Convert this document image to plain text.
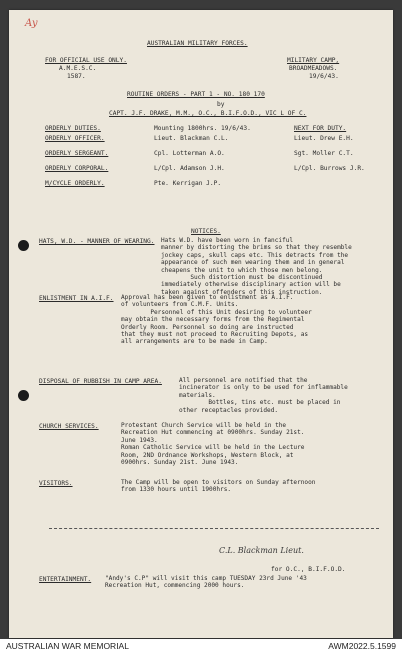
Ay
AUSTRALIAN MILITARY FORCES.
FOR OFFICIAL USE ONLY.
A.M.E.S.C.
1587.
MILITARY CAMP,
BROADMEADOWS.
19/6/43.
ROUTINE ORDERS - PART 1 - NO. 180 170
by
CAPT. J.F. DRAKE, M.M., O.C., B.I.F.O.D., VIC L OF C.
ORDERLY DUTIES.	Mounting 1800hrs. 19/6/43.	NEXT FOR DUTY.
ORDERLY OFFICER.	Lieut. Blackman C.L.	Lieut. Drew E.H.
ORDERLY SERGEANT.	Cpl. Lotterman A.O.	Sgt. Moller C.T.
ORDERLY CORPORAL.	L/Cpl. Adamson J.H.	L/Cpl. Burrows J.R.
M/CYCLE ORDERLY.	Pte. Kerrigan J.P.
NOTICES.
HATS, W.D. - MANNER OF WEARING. Hats W.D. have been worn in fanciful
manner by distorting the brims so that they resemble
jockey caps, skull caps etc. This detracts from the
appearance of such men wearing them and in general
cheapens the unit to which those men belong.
Such distortion must be discontinued
immediately otherwise disciplinary action will be
taken against offenders of this instruction.
ENLISTMENT IN A.I.F. Approval has been given to enlistment as A.I.F.
of volunteers from C.M.F. Units.
Personnel of this Unit desiring to volunteer
may obtain the necessary forms from the Regimental
Orderly Room. Personnel so doing are instructed
that they must not proceed to Recruiting Depots, as
all arrangements are to be made in Camp.
DISPOSAL OF RUBBISH IN CAMP AREA.	All personnel are notified that the
incinerator is only to be used for inflammable
materials.
Bottles, tins etc. must be placed in
other receptacles provided.
CHURCH SERVICES.	Protestant Church Service will be held in the
Recreation Hut commencing at 0900hrs. Sunday 21st.
June 1943.
Roman Catholic Service will be held in the Lecture
Room, 2ND Ordnance Workshops, Western Block, at
0900hrs. Sunday 21st. June 1943.
VISITORS.	The Camp will be open to visitors on Sunday afternoon
from 1330 hours until 1900hrs.
C.L. Blackman Lieut.
for O.C., B.I.F.O.D.
ENTERTAINMENT. "Andy's C.P" will visit this camp TUESDAY 23rd June '43
Recreation Hut, commencing 2000 hours.
AUSTRALIAN WAR MEMORIAL	AWM2022.5.1599
